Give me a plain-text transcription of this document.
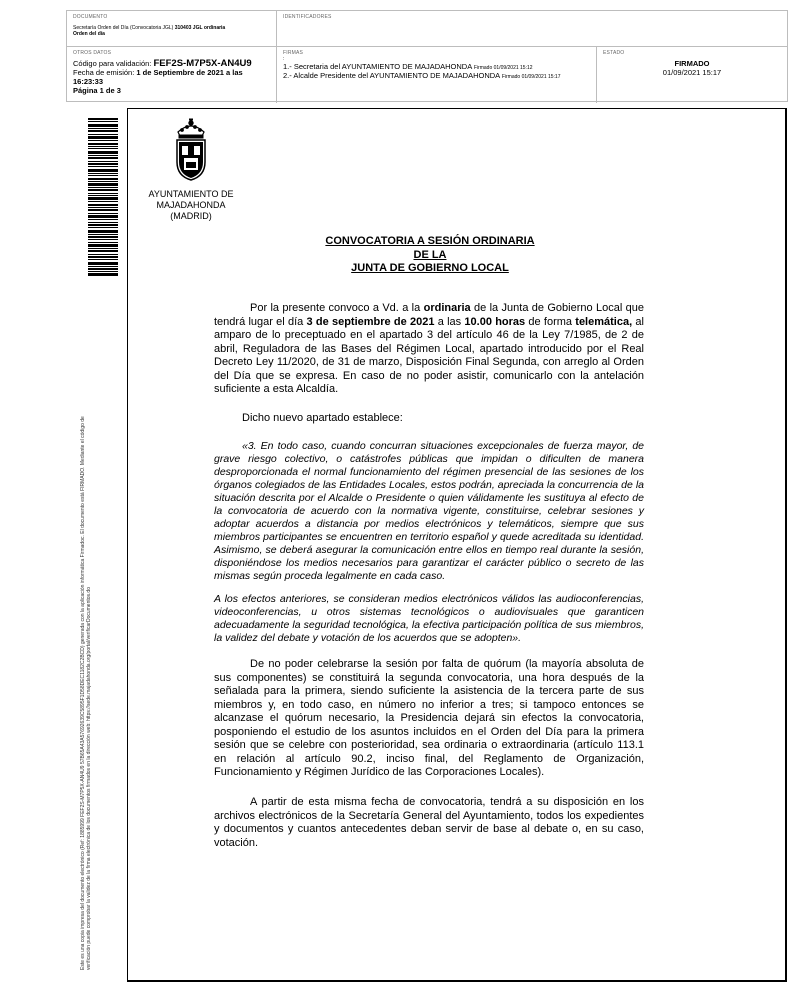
DOCUMENTO
Secretaría Orden del Día (Convocatoria JGL) 310403 JGL ordinaria
Orden del día
IDENTIFICADORES
OTROS DATOS
Código para validación: FEF2S-M7P5X-AN4U9
Fecha de emisión: 1 de Septiembre de 2021 a las 16:23:33
Página 1 de 3
FIRMAS
:
1.- Secretaria del AYUNTAMIENTO DE MAJADAHONDA Firmado 01/09/2021 15:12
2.- Alcalde Presidente del AYUNTAMIENTO DE MAJADAHONDA Firmado 01/09/2021 15:17
ESTADO
FIRMADO
01/09/2021 15:17
Este es una copia impresa del documento electrónico (Ref: 1885999 FEF2S-M7P5X-AN4U9 57B65A43A57692639C5895F1D58DEC1182C2BCD) generada con la aplicación informática Firmadoc. El documento está FIRMADO. Mediante el código de verificación puede comprobar la validez de la firma electrónica de los documentos firmados en la dirección web: https://sede.majadahonda.org/portal/verificarDocumentos.do
AYUNTAMIENTO DE
MAJADAHONDA
(MADRID)
CONVOCATORIA A SESIÓN ORDINARIA
DE LA
JUNTA DE GOBIERNO LOCAL
Por la presente convoco a Vd. a la ordinaria de la Junta de Gobierno Local que tendrá lugar el día 3 de septiembre de 2021 a las 10.00 horas de forma telemática, al amparo de lo preceptuado en el apartado 3 del artículo 46 de la Ley 7/1985, de 2 de abril, Reguladora de las Bases del Régimen Local, apartado introducido por el Real Decreto Ley 11/2020, de 31 de marzo, Disposición Final Segunda, con arreglo al Orden del Día que se expresa. En caso de no poder asistir, comunicarlo con la antelación suficiente a esta Alcaldía.
Dicho nuevo apartado establece:
«3. En todo caso, cuando concurran situaciones excepcionales de fuerza mayor, de grave riesgo colectivo, o catástrofes públicas que impidan o dificulten de manera desproporcionada el normal funcionamiento del régimen presencial de las sesiones de los órganos colegiados de las Entidades Locales, estos podrán, apreciada la concurrencia de la situación descrita por el Alcalde o Presidente o quien válidamente les sustituya al efecto de la convocatoria de acuerdo con la normativa vigente, constituirse, celebrar sesiones y adoptar acuerdos a distancia por medios electrónicos y telemáticos, siempre que sus miembros participantes se encuentren en territorio español y quede acreditada su identidad. Asimismo, se deberá asegurar la comunicación entre ellos en tiempo real durante la sesión, disponiéndose los medios necesarios para garantizar el carácter público o secreto de las mismas según proceda legalmente en cada caso.
A los efectos anteriores, se consideran medios electrónicos válidos las audioconferencias, videoconferencias, u otros sistemas tecnológicos o audiovisuales que garanticen adecuadamente la seguridad tecnológica, la efectiva participación política de sus miembros, la validez del debate y votación de los acuerdos que se adopten».
De no poder celebrarse la sesión por falta de quórum (la mayoría absoluta de sus componentes) se constituirá la segunda convocatoria, una hora después de la señalada para la primera, siendo suficiente la asistencia de la tercera parte de sus miembros y, en todo caso, en número no inferior a tres; si tampoco entonces se alcanzase el quórum necesario, la Presidencia dejará sin efectos la convocatoria, posponiendo el estudio de los asuntos incluidos en el Orden del Día para la primera sesión que se celebre con posterioridad, sea ordinaria o extraordinaria (artículo 113.1 en relación al artículo 90.2, inciso final, del Reglamento de Organización, Funcionamiento y Régimen Jurídico de las Corporaciones Locales).
A partir de esta misma fecha de convocatoria, tendrá a su disposición en los archivos electrónicos de la Secretaría General del Ayuntamiento, todos los expedientes y documentos y cuantos antecedentes deban servir de base al debate o, en su caso, votación.
